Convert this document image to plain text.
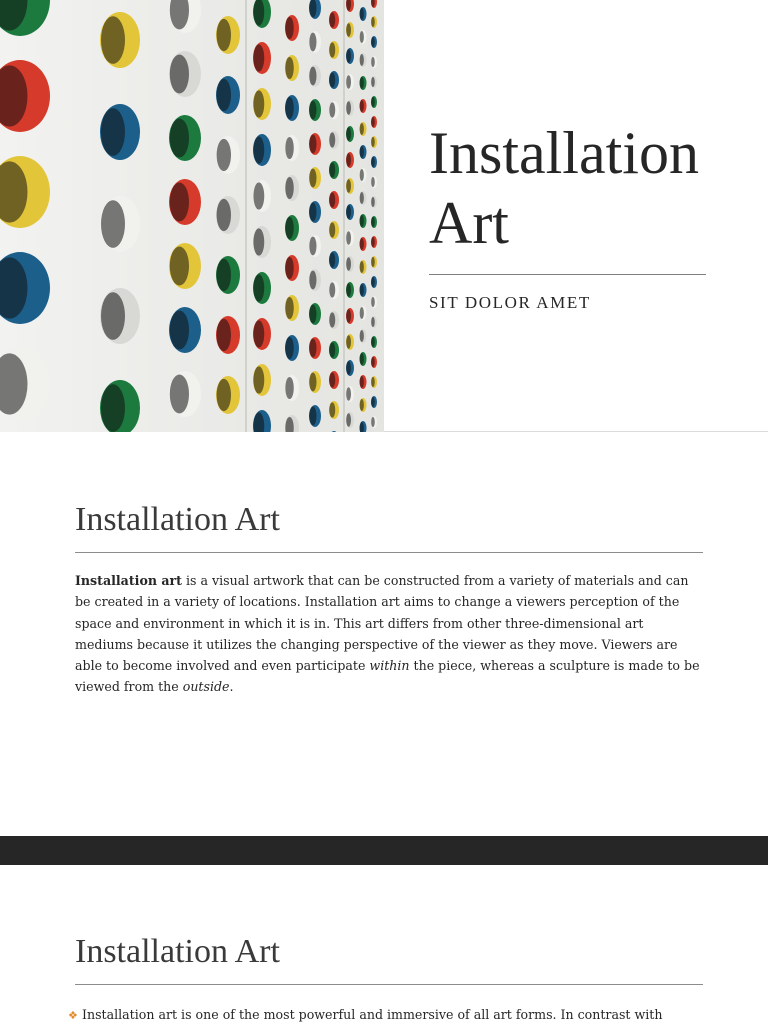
Installation
Art
SIT DOLOR AMET
Installation Art

Installation art is a visual artwork that can be constructed from a variety of materials and can be created in a variety of locations. Installation art aims to change a viewers perception of the space and environment in which it is in. This art differs from other three-dimensional art mediums because it utilizes the changing perspective of the viewer as they move. Viewers are able to become involved and even participate within the piece, whereas a sculpture is made to be viewed from the outside.

Installation Art
❖ Installation art is one of the most powerful and immersive of all art forms. In contrast with
